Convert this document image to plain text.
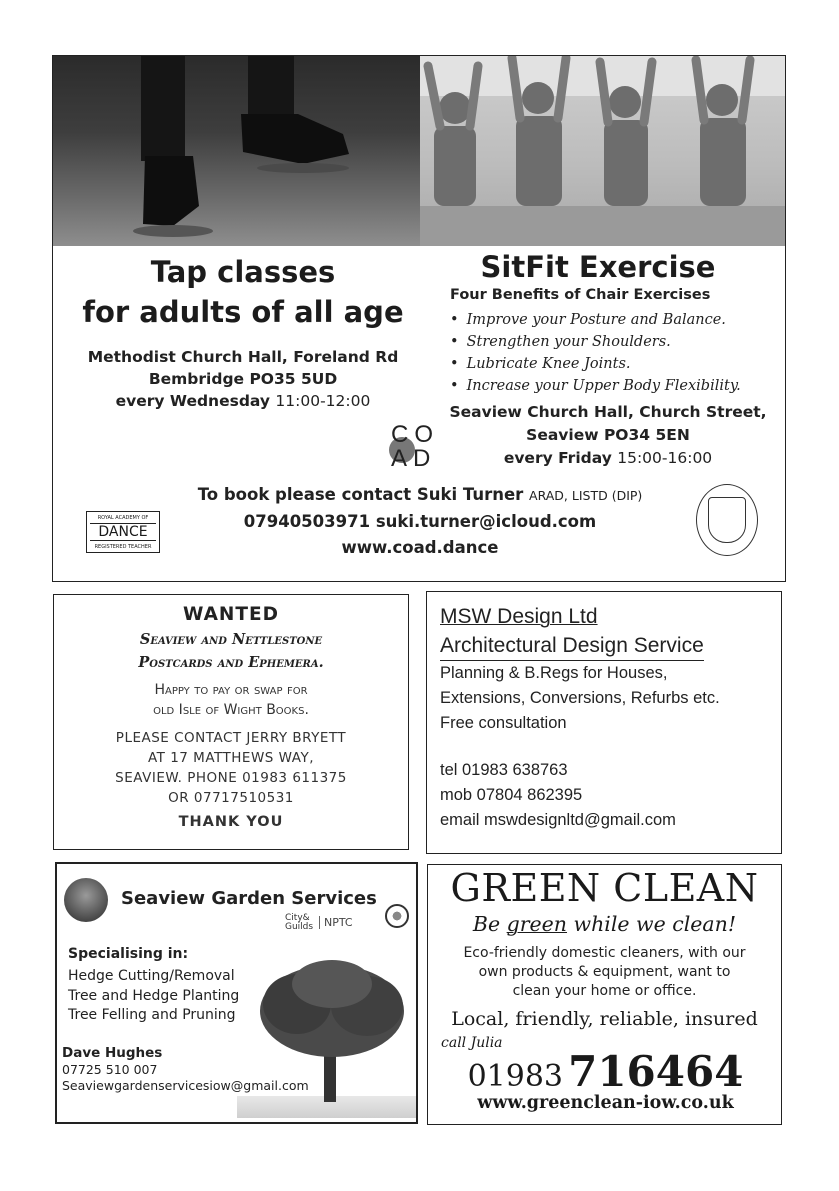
Tap classes
for adults of all age
Methodist Church Hall, Foreland Rd
Bembridge PO35 5UD
every Wednesday 11:00-12:00
SitFit Exercise
Four Benefits of Chair Exercises
• Improve your Posture and Balance.
• Strengthen your Shoulders.
• Lubricate Knee Joints.
• Increase your Upper Body Flexibility.
Seaview Church Hall, Church Street,
Seaview PO34 5EN
every Friday 15:00-16:00
CO
AD
To book please contact Suki Turner ARAD, LISTD (DIP)
07940503971 suki.turner@icloud.com
www.coad.dance
ROYAL ACADEMY OF
DANCE
REGISTERED TEACHER
WANTED
Seaview and Nettlestone
Postcards and Ephemera.
Happy to pay or swap for
old Isle of Wight Books.
PLEASE CONTACT JERRY BRYETT
AT 17 MATTHEWS WAY,
SEAVIEW. PHONE 01983 611375
OR 07717510531
THANK YOU
MSW Design Ltd
Architectural Design Service
Planning & B.Regs for Houses,
Extensions, Conversions, Refurbs etc.
Free consultation
tel 01983 638763
mob 07804 862395
email mswdesignltd@gmail.com
Seaview Garden Services
City&
Guilds NPTC
Specialising in:
Hedge Cutting/Removal
Tree and Hedge Planting
Tree Felling and Pruning
Dave Hughes
07725 510 007
Seaviewgardenservicesiow@gmail.com
GREEN CLEAN
Be green while we clean!
Eco-friendly domestic cleaners, with our
own products & equipment, want to
clean your home or office.
Local, friendly, reliable, insured
call Julia
01983 716464
www.greenclean-iow.co.uk
